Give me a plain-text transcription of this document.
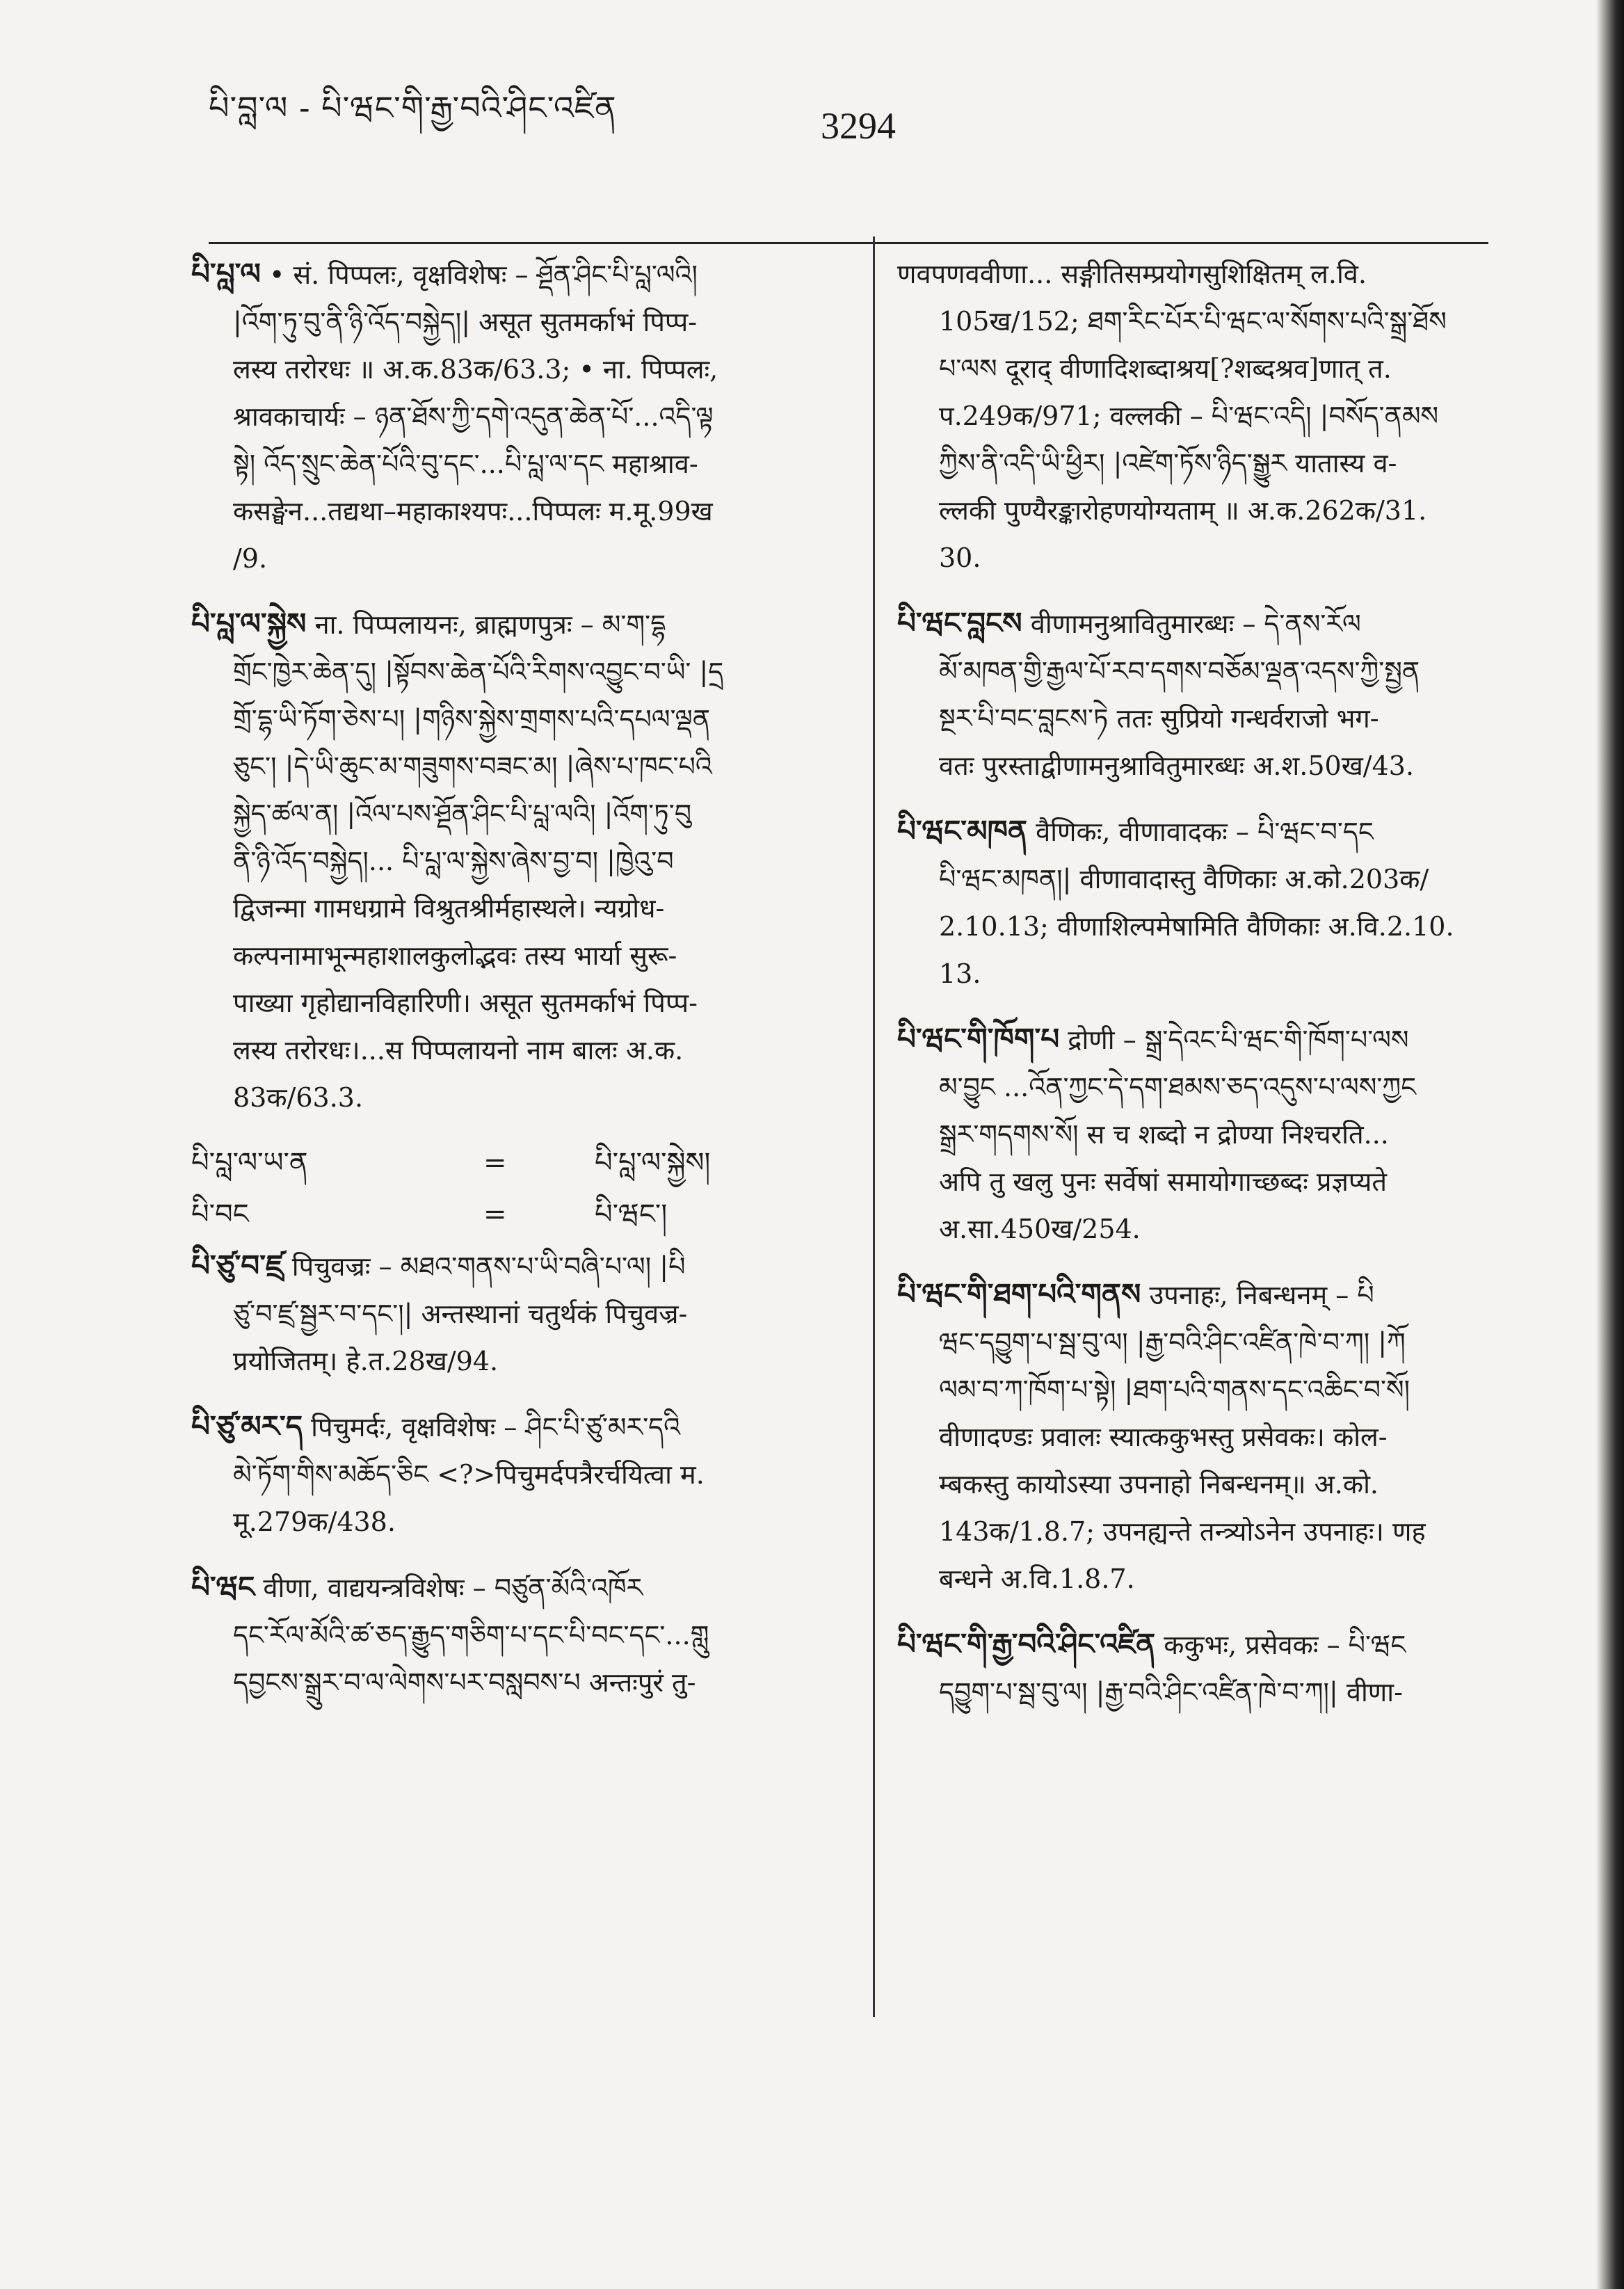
པི་བླ་ལ - པི་ཝང་གི་རྒྱ་བའི་ཤིང་འཛིན	3294

པི་པླ་ལ • सं. पिप्पलः, वृक्षविशेषः – ཤྡོན་ཤིང་པི་པླ་ལའི།

|འོག་ཏུ་བུ་ནི་ཉི་འོད་བསྐྱེད།| असूत सुतमर्काभं पिप्प-

लस्य तरोरधः ॥ अ.क.83क/63.3; • ना. पिप्पलः,

श्रावकाचार्यः – ཉན་ཐོས་ཀྱི་དགེ་འདུན་ཆེན་པོ་...འདི་ལྟ

སྟེ། འོད་སྲུང་ཆེན་པོའི་བུ་དང་...པི་པླ་ལ་དང महाश्राव-

कसङ्घेन...तद्यथा–महाकाश्यपः...पिप्पलः म.मू.99ख

/9.

པི་པླ་ལ་སྐྱེས ना. पिप्पलायनः, ब्राह्मणपुत्रः – མ་ག་དྷ

གྲོང་ཁྱེར་ཆེན་དུ། |སྟོབས་ཆེན་པོའི་རིགས་འབྱུང་བ་ཡི་ |དྲ

གྲོ་དྷ་ཡི་ཏོག་ཅེས་པ། |གཉིས་སྐྱེས་གྲགས་པའི་དཔལ་ལྡན

ཅུང་། |དེ་ཡི་ཆུང་མ་གཟུགས་བཟང་མ། |ཞེས་པ་ཁང་པའི

སྐྱེད་ཚལ་ན། |འོལ་པས་ཤྡོན་ཤིང་པི་པླ་ལའི། |འོག་ཏུ་བུ

ནི་ཉི་འོད་བསྐྱེད།... པི་པླ་ལ་སྐྱེས་ཞེས་བྱ་བ། |ཁྱེའུ་བ

द्विजन्मा गामधग्रामे विश्रुतश्रीर्महास्थले। न्यग्रोध-

कल्पनामाभून्महाशालकुलोद्भवः तस्य भार्या सुरू-

पाख्या गृहोद्यानविहारिणी। असूत सुतमर्काभं पिप्प-

लस्य तरोरधः।...स पिप्पलायनो नाम बालः अ.क.

83क/63.3.

པི་པླ་ལ་ཡ་ན	=	པི་པླ་ལ་སྐྱེས།
པི་བང	=	པི་ཝང་།

པི་ཙུ་བ་ཛྲ पिचुवज्रः – མཐའ་གནས་པ་ཡི་བཞི་པ་ལ། |པི

ཙུ་བ་ཛྲ་སྦྱར་བ་དང་།| अन्तस्थानां चतुर्थकं पिचुवज्र-

प्रयोजितम्। हे.त.28ख/94.

པི་ཙུ་མར་ད पिचुमर्दः, वृक्षविशेषः – ཤིང་པི་ཙུ་མར་དའི

མེ་ཏོག་གིས་མཆོད་ཅིང <?>पिचुमर्दपत्रैरर्चयित्वा म.

मू.279क/438.

པི་ཝང वीणा, वाद्ययन्त्रविशेषः – བཙུན་མོའི་འཁོར

དང་རོལ་མོའི་ཚ་ཅད་རྒྱུད་གཅིག་པ་དང་པི་བང་དང་...གླུ

དབྱངས་སྒྲུར་བ་ལ་ལེགས་པར་བསླབས་པ अन्तःपुरं तु-

णवपणववीणा... सङ्गीतिसम्प्रयोगसुशिक्षितम् ल.वि.

105ख/152; ཐག་རིང་པོར་པི་ཝང་ལ་སོགས་པའི་སྒྲ་ཐོས

པ་ལས दूराद् वीणादिशब्दाश्रय[?शब्दश्रव]णात् त.

प.249क/971; वल्लकी – པི་ཝང་འདི། |བསོད་ནམས

ཀྱིས་ནི་འདི་ཡི་ཕྱིར། |འཛེག་ཏོས་ཉིད་སྒྱུར यातास्य व-

ल्लकी पुण्यैरङ्कारोहणयोग्यताम् ॥ अ.क.262क/31.

30.

པི་ཝང་བླངས वीणामनुश्रावितुमारब्धः – དེ་ནས་རོལ

མོ་མཁན་གྱི་རྒྱལ་པོ་རབ་དགས་བཅོམ་ལྡན་འདས་ཀྱི་སྤྱན

སྔར་པི་བང་བླངས་ཏེ ततः सुप्रियो गन्धर्वराजो भग-

वतः पुरस्ताद्वीणामनुश्रावितुमारब्धः अ.श.50ख/43.

པི་ཝང་མཁན वैणिकः, वीणावादकः – པི་ཝང་བ་དང

པི་ཝང་མཁན།| वीणावादास्तु वैणिकाः अ.को.203क/

2.10.13; वीणाशिल्पमेषामिति वैणिकाः अ.वि.2.10.

13.

པི་ཝང་གི་ཁོག་པ द्रोणी – སྒྲ་དེའང་པི་ཝང་གི་ཁོག་པ་ལས

མ་བྱུང ...འོན་ཀྱང་དེ་དག་ཐམས་ཅད་འདུས་པ་ལས་ཀྱང

སྒྲར་གདགས་སོ། स च शब्दो न द्रोण्या निश्चरति...

अपि तु खलु पुनः सर्वेषां समायोगाच्छब्दः प्रज्ञप्यते

अ.सा.450ख/254.

པི་ཝང་གི་ཐག་པའི་གནས उपनाहः, निबन्धनम् – པི

ཝང་དབྱུག་པ་སྦ་བུ་ལ། |རྒྱ་བའི་ཤིང་འཛིན་ཁེ་བ་ཀ། |ཀོ

ལམ་བ་ཀ་ཁོག་པ་སྟེ། |ཐག་པའི་གནས་དང་འཆིང་བ་སོ།

वीणादण्डः प्रवालः स्यात्ककुभस्तु प्रसेवकः। कोल-

म्बकस्तु कायोऽस्या उपनाहो निबन्धनम्॥ अ.को.

143क/1.8.7; उपनह्यन्ते तन्त्र्योऽनेन उपनाहः। णह

बन्धने अ.वि.1.8.7.

པི་ཝང་གི་རྒྱ་བའི་ཤིང་འཛིན ककुभः, प्रसेवकः – པི་ཝང

དབྱུག་པ་སྦ་བུ་ལ། |རྒྱ་བའི་ཤིང་འཛིན་ཁེ་བ་ཀ།| वीणा-
